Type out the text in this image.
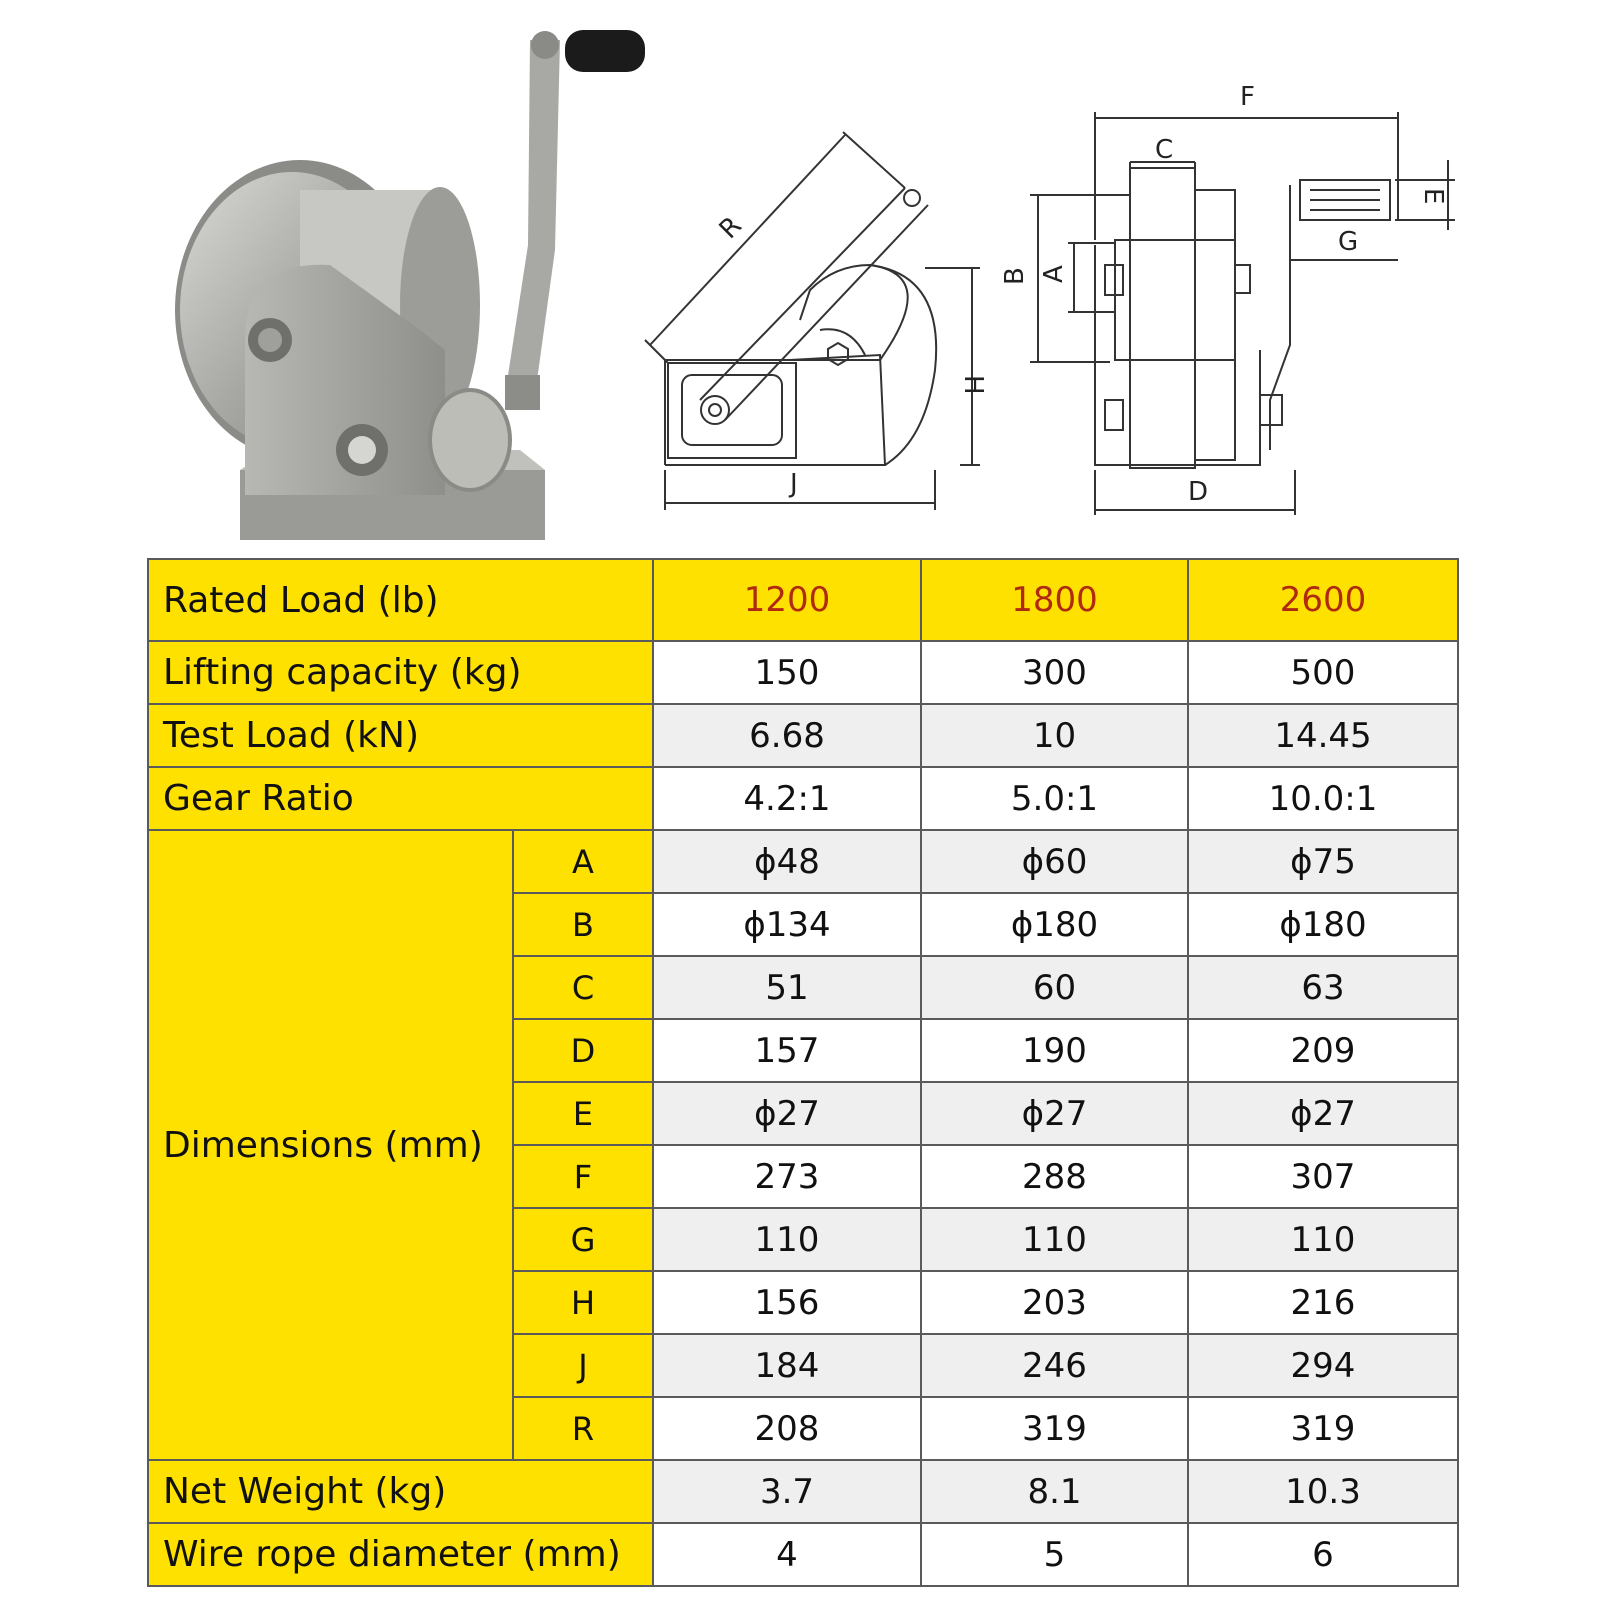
R
H
J
F
C
B A
E
G
D
Rated Load (lb)		1200	1800	2600
Lifting capacity (kg)		150	300	500
Test Load (kN)		6.68	10	14.45
Gear Ratio		4.2:1	5.0:1	10.0:1
Dimensions (mm)	A	ϕ48	ϕ60	ϕ75
	B	ϕ134	ϕ180	ϕ180
	C	51	60	63
	D	157	190	209
	E	ϕ27	ϕ27	ϕ27
	F	273	288	307
	G	110	110	110
	H	156	203	216
	J	184	246	294
	R	208	319	319
Net Weight (kg)		3.7	8.1	10.3
Wire rope diameter (mm)		4	5	6
